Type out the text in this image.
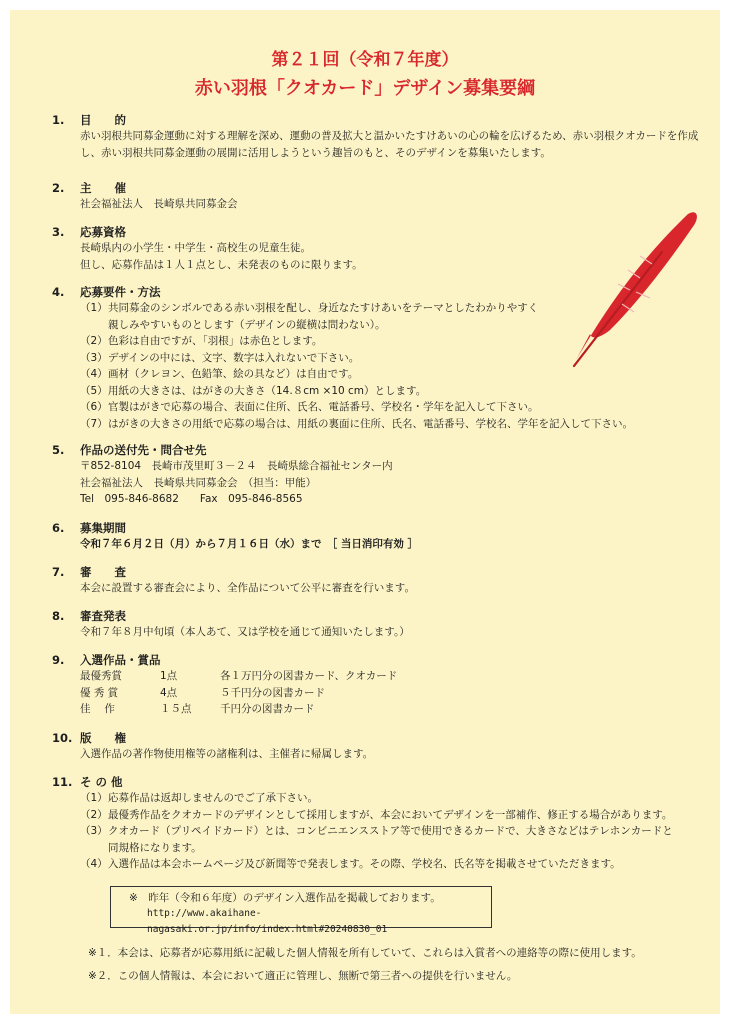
第２１回（令和７年度）
赤い羽根「クオカード」デザイン募集要綱
1.	目　　的
赤い羽根共同募金運動に対する理解を深め、運動の普及拡大と温かいたすけあいの心の輪を広げるため、赤い羽根クオカードを作成し、赤い羽根共同募金運動の展開に活用しようという趣旨のもと、そのデザインを募集いたします。
2.	主　　催
社会福祉法人　長崎県共同募金会
3.	応募資格
長崎県内の小学生・中学生・高校生の児童生徒。
但し、応募作品は１人１点とし、未発表のものに限ります。
4.	応募要件・方法
（1） 共同募金のシンボルである赤い羽根を配し、身近なたすけあいをテーマとしたわかりやすく
親しみやすいものとします（デザインの縦横は問わない）。
（2） 色彩は自由ですが、「羽根」は赤色とします。
（3） デザインの中には、文字、数字は入れないで下さい。
（4） 画材（クレヨン、色鉛筆、絵の具など）は自由です。
（5） 用紙の大きさは、はがきの大きさ（14.８cm ×10 cm）とします。
（6） 官製はがきで応募の場合、表面に住所、氏名、電話番号、学校名・学年を記入して下さい。
（7） はがきの大きさの用紙で応募の場合は、用紙の裏面に住所、氏名、電話番号、学校名、学年を記入して下さい。
5.	作品の送付先・問合せ先
〒852-8104　長崎市茂里町３－２４　長崎県総合福祉センター内
社会福祉法人　長崎県共同募金会　（担当：甲能）
Tel　095-846-8682　　Fax　095-846-8565
6.	募集期間
令和７年６月２日（月）から７月１６日（水）まで　［ 当日消印有効 ］
7.	審　　査
本会に設置する審査会により、全作品について公平に審査を行います。
8.	審査発表
令和７年８月中旬頃（本人あて、又は学校を通じて通知いたします。）
9.	入選作品・賞品
最優秀賞	1点	各１万円分の図書カード、クオカード
優 秀 賞	4点	５千円分の図書カード
佳　 作	１５点	千円分の図書カード
10. 版　　権
入選作品の著作物使用権等の諸権利は、主催者に帰属します。
11. そ の 他
（1） 応募作品は返却しませんのでご了承下さい。
（2） 最優秀作品をクオカードのデザインとして採用しますが、本会においてデザインを一部補作、修正する場合があります。
（3） クオカード（プリペイドカード）とは、コンビニエンスストア等で使用できるカードで、大きさなどはテレホンカードと
同規格になります。
（4） 入選作品は本会ホームページ及び新聞等で発表します。その際、学校名、氏名等を掲載させていただきます。
※　昨年（令和６年度）のデザイン入選作品を掲載しております。
http://www.akaihane-nagasaki.or.jp/info/index.html#20240830_01
※１．本会は、応募者が応募用紙に記載した個人情報を所有していて、これらは入賞者への連絡等の際に使用します。
※２．この個人情報は、本会において適正に管理し、無断で第三者への提供を行いません。
